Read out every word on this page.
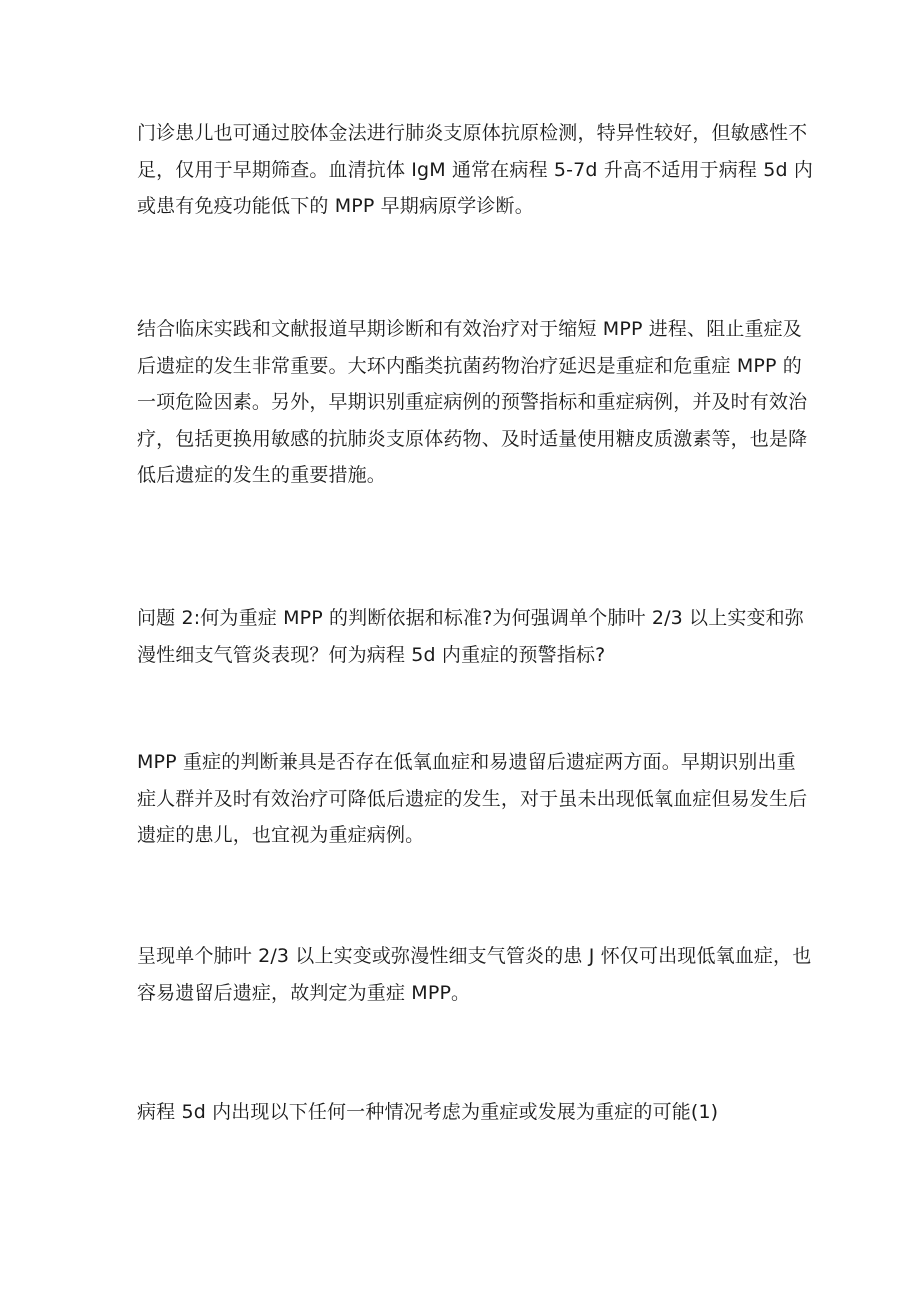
门诊患儿也可通过胶体金法进行肺炎支原体抗原检测，特异性较好，但敏感性不
足，仅用于早期筛查。血清抗体 IgM 通常在病程 5-7d 升高不适用于病程 5d 内
或患有免疫功能低下的 MPP 早期病原学诊断。

结合临床实践和文献报道早期诊断和有效治疗对于缩短 MPP 进程、阻止重症及
后遗症的发生非常重要。大环内酯类抗菌药物治疗延迟是重症和危重症 MPP 的
一项危险因素。另外，早期识别重症病例的预警指标和重症病例，并及时有效治
疗，包括更换用敏感的抗肺炎支原体药物、及时适量使用糖皮质激素等，也是降
低后遗症的发生的重要措施。

问题 2:何为重症 MPP 的判断依据和标准?为何强调单个肺叶 2/3 以上实变和弥
漫性细支气管炎表现？何为病程 5d 内重症的预警指标?

MPP 重症的判断兼具是否存在低氧血症和易遗留后遗症两方面。早期识别出重
症人群并及时有效治疗可降低后遗症的发生，对于虽未出现低氧血症但易发生后
遗症的患儿，也宜视为重症病例。

呈现单个肺叶 2/3 以上实变或弥漫性细支气管炎的患 J 怀仅可出现低氧血症，也
容易遗留后遗症，故判定为重症 MPP。

病程 5d 内出现以下任何一种情况考虑为重症或发展为重症的可能(1)
